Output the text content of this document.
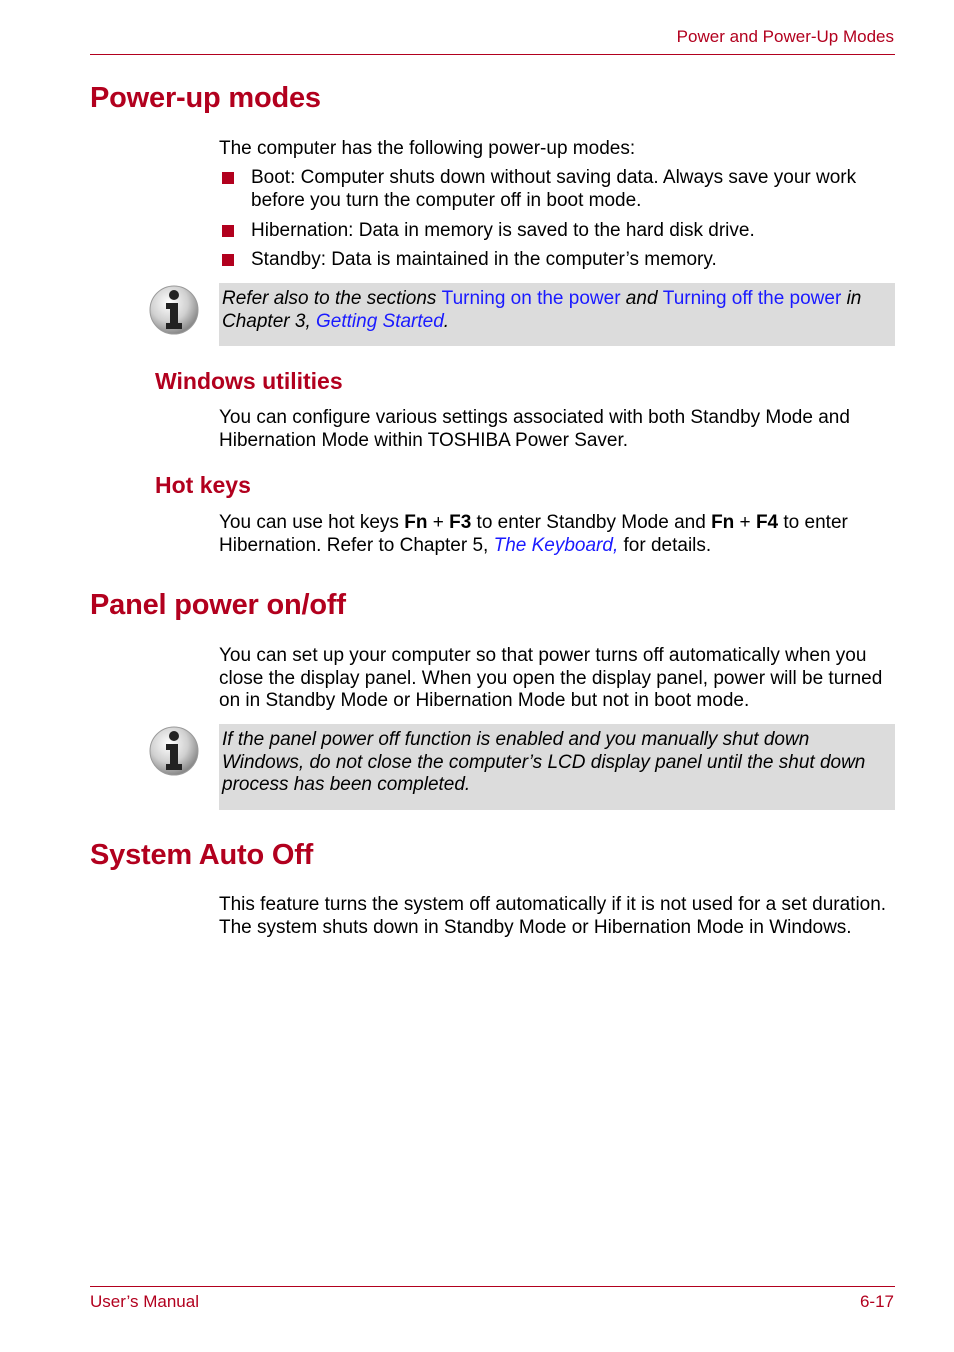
Power and Power-Up Modes
Power-up modes
The computer has the following power-up modes:
Boot: Computer shuts down without saving data. Always save your work before you turn the computer off in boot mode.
Hibernation: Data in memory is saved to the hard disk drive.
Standby: Data is maintained in the computer’s memory.
Refer also to the sections Turning on the power and Turning off the power in Chapter 3, Getting Started.
Windows utilities
You can configure various settings associated with both Standby Mode and Hibernation Mode within TOSHIBA Power Saver.
Hot keys
You can use hot keys Fn + F3 to enter Standby Mode and Fn + F4 to enter Hibernation. Refer to Chapter 5, The Keyboard, for details.
Panel power on/off
You can set up your computer so that power turns off automatically when you close the display panel. When you open the display panel, power will be turned on in Standby Mode or Hibernation Mode but not in boot mode.
If the panel power off function is enabled and you manually shut down Windows, do not close the computer’s LCD display panel until the shut down process has been completed.
System Auto Off
This feature turns the system off automatically if it is not used for a set duration. The system shuts down in Standby Mode or Hibernation Mode in Windows.
User’s Manual	6-17
